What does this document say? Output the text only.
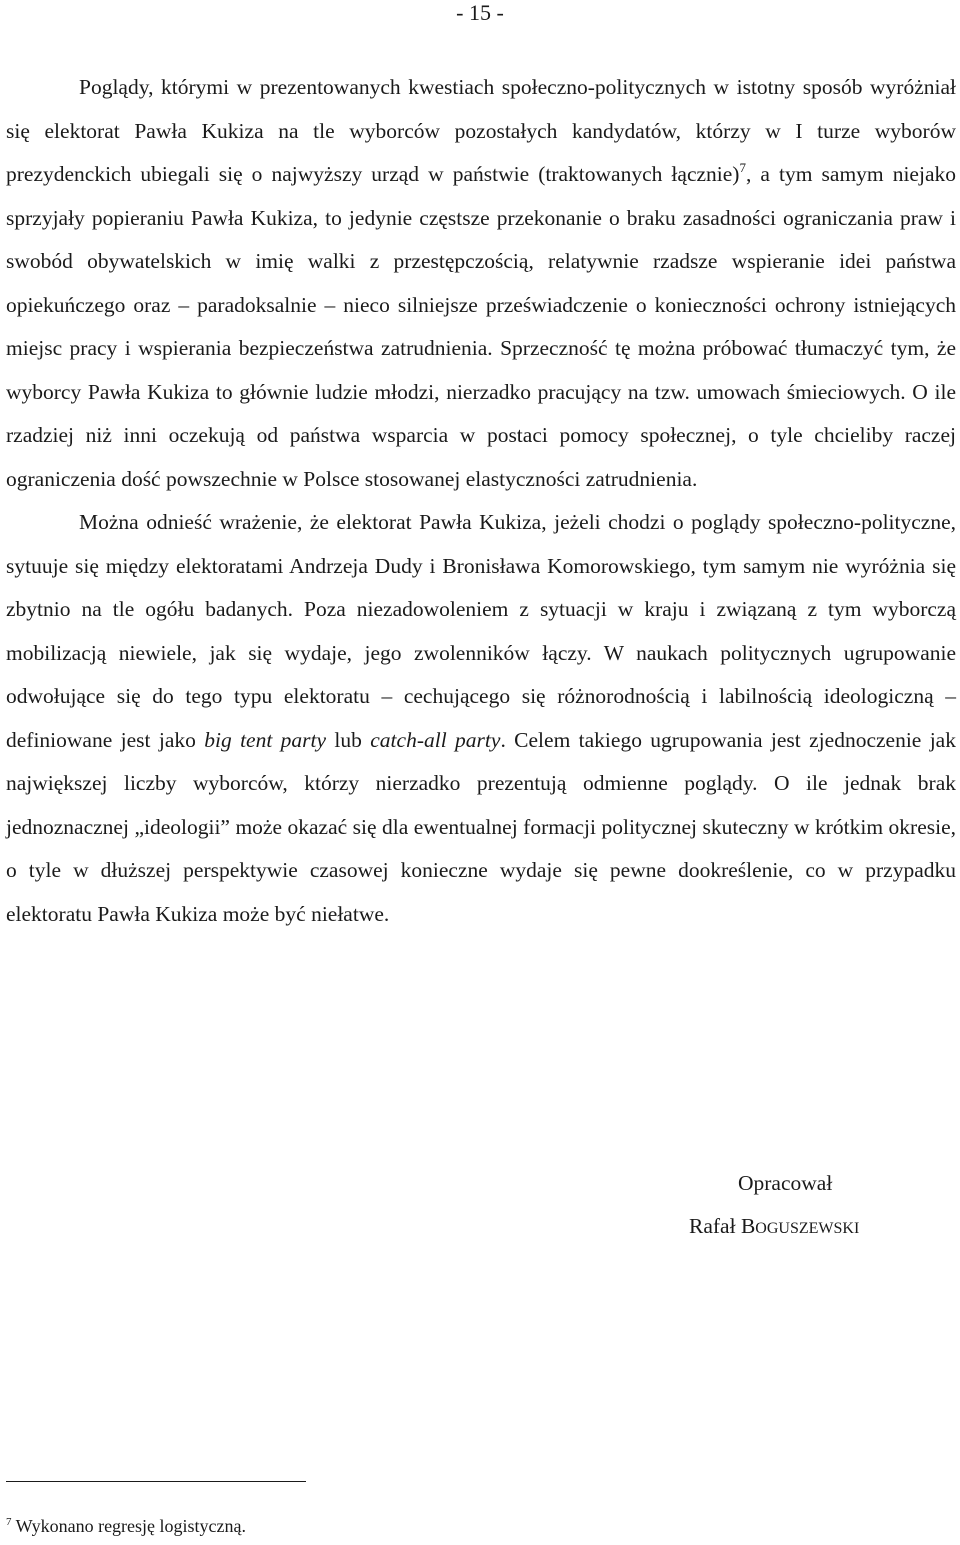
- 15 -

Poglądy, którymi w prezentowanych kwestiach społeczno-politycznych w istotny sposób wyróżniał się elektorat Pawła Kukiza na tle wyborców pozostałych kandydatów, którzy w I turze wyborów prezydenckich ubiegali się o najwyższy urząd w państwie (traktowanych łącznie)$^7$, a tym samym niejako sprzyjały popieraniu Pawła Kukiza, to jedynie częstsze przekonanie o braku zasadności ograniczania praw i swobód obywatelskich w imię walki z przestępczością, relatywnie rzadsze wspieranie idei państwa opiekuńczego oraz – paradoksalnie – nieco silniejsze przeświadczenie o konieczności ochrony istniejących miejsc pracy i wspierania bezpieczeństwa zatrudnienia. Sprzeczność tę można próbować tłumaczyć tym, że wyborcy Pawła Kukiza to głównie ludzie młodzi, nierzadko pracujący na tzw. umowach śmieciowych. O ile rzadziej niż inni oczekują od państwa wsparcia w postaci pomocy społecznej, o tyle chcieliby raczej ograniczenia dość powszechnie w Polsce stosowanej elastyczności zatrudnienia.

Można odnieść wrażenie, że elektorat Pawła Kukiza, jeżeli chodzi o poglądy społeczno-polityczne, sytuuje się między elektoratami Andrzeja Dudy i Bronisława Komorowskiego, tym samym nie wyróżnia się zbytnio na tle ogółu badanych. Poza niezadowoleniem z sytuacji w kraju i związaną z tym wyborczą mobilizacją niewiele, jak się wydaje, jego zwolenników łączy. W naukach politycznych ugrupowanie odwołujące się do tego typu elektoratu – cechującego się różnorodnością i labilnością ideologiczną – definiowane jest jako big tent party lub catch-all party. Celem takiego ugrupowania jest zjednoczenie jak największej liczby wyborców, którzy nierzadko prezentują odmienne poglądy. O ile jednak brak jednoznacznej „ideologii” może okazać się dla ewentualnej formacji politycznej skuteczny w krótkim okresie, o tyle w dłuższej perspektywie czasowej konieczne wydaje się pewne dookreślenie, co w przypadku elektoratu Pawła Kukiza może być niełatwe.

Opracował
Rafał BOGUSZEWSKI
$^7$ Wykonano regresję logistyczną.
